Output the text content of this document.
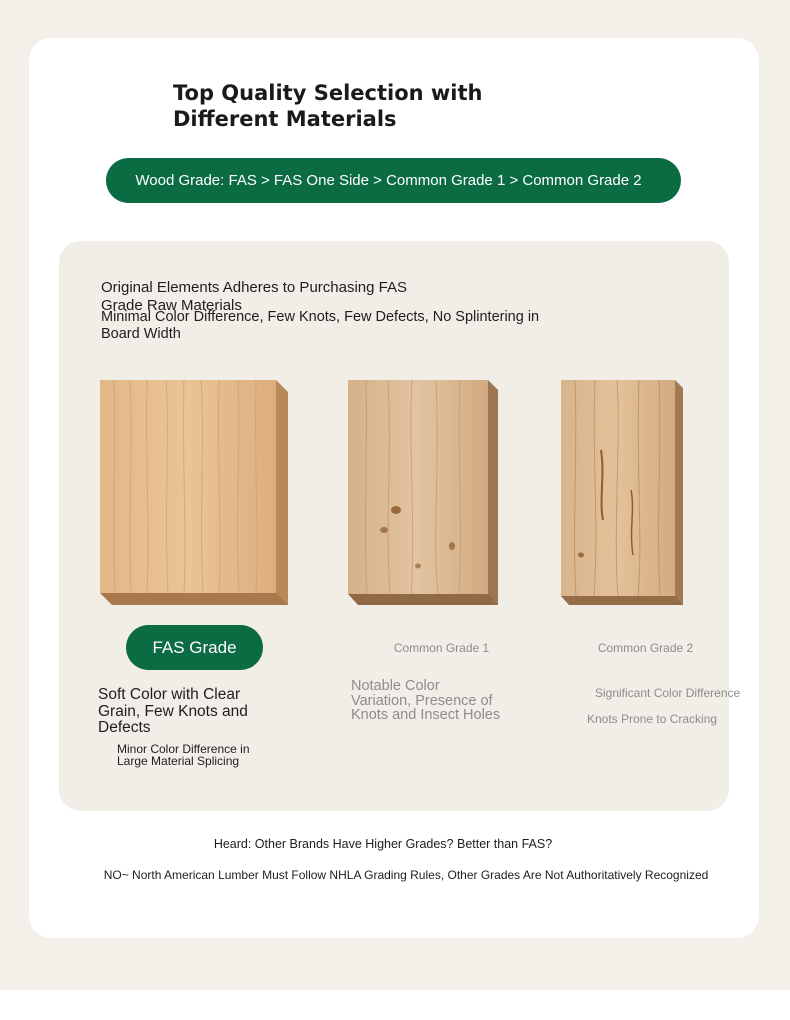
Top Quality Selection with Different Materials
Wood Grade: FAS > FAS One Side > Common Grade 1 > Common Grade 2
Original Elements Adheres to Purchasing FAS Grade Raw Materials
Minimal Color Difference, Few Knots, Few Defects, No Splintering in Board Width
FAS Grade	Common Grade 1	Common Grade 2
Soft Color with Clear Grain, Few Knots and Defects
Minor Color Difference in Large Material Splicing
Notable Color Variation, Presence of Knots and Insect Holes
Significant Color Difference
Knots Prone to Cracking
Heard: Other Brands Have Higher Grades? Better than FAS?
NO~ North American Lumber Must Follow NHLA Grading Rules, Other Grades Are Not Authoritatively Recognized
